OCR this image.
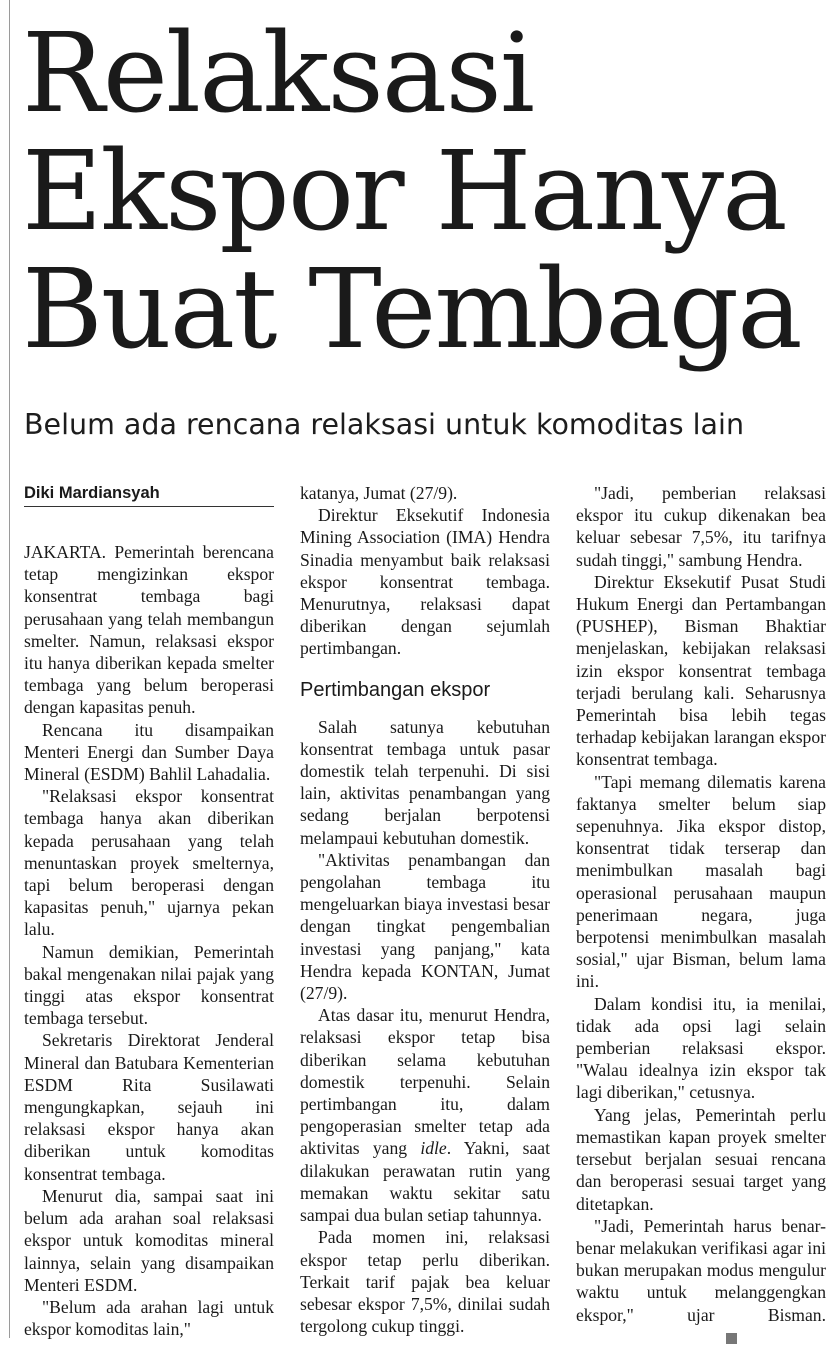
Relaksasi
Ekspor Hanya
Buat Tembaga
Belum ada rencana relaksasi untuk komoditas lain
Diki Mardiansyah

JAKARTA. Pemerintah berencana tetap mengizinkan ekspor konsentrat tembaga bagi perusahaan yang telah membangun smelter. Namun, relaksasi ekspor itu hanya diberikan kepada smelter tembaga yang belum beroperasi dengan kapasitas penuh.

Rencana itu disampaikan Menteri Energi dan Sumber Daya Mineral (ESDM) Bahlil Lahadalia.

"Relaksasi ekspor konsentrat tembaga hanya akan diberikan kepada perusahaan yang telah menuntaskan proyek smelternya, tapi belum beroperasi dengan kapasitas penuh," ujarnya pekan lalu.

Namun demikian, Pemerintah bakal mengenakan nilai pajak yang tinggi atas ekspor konsentrat tembaga tersebut.

Sekretaris Direktorat Jenderal Mineral dan Batubara Kementerian ESDM Rita Susilawati mengungkapkan, sejauh ini relaksasi ekspor hanya akan diberikan untuk komoditas konsentrat tembaga.

Menurut dia, sampai saat ini belum ada arahan soal relaksasi ekspor untuk komoditas mineral lainnya, selain yang disampaikan Menteri ESDM.

"Belum ada arahan lagi untuk ekspor komoditas lain,"

katanya, Jumat (27/9).

Direktur Eksekutif Indonesia Mining Association (IMA) Hendra Sinadia menyambut baik relaksasi ekspor konsentrat tembaga. Menurutnya, relaksasi dapat diberikan dengan sejumlah pertimbangan.

Pertimbangan ekspor

Salah satunya kebutuhan konsentrat tembaga untuk pasar domestik telah terpenuhi. Di sisi lain, aktivitas penambangan yang sedang berjalan berpotensi melampaui kebutuhan domestik.

"Aktivitas penambangan dan pengolahan tembaga itu mengeluarkan biaya investasi besar dengan tingkat pengembalian investasi yang panjang," kata Hendra kepada KONTAN, Jumat (27/9).

Atas dasar itu, menurut Hendra, relaksasi ekspor tetap bisa diberikan selama kebutuhan domestik terpenuhi. Selain pertimbangan itu, dalam pengoperasian smelter tetap ada aktivitas yang idle. Yakni, saat dilakukan perawatan rutin yang memakan waktu sekitar satu sampai dua bulan setiap tahunnya.

Pada momen ini, relaksasi ekspor tetap perlu diberikan. Terkait tarif pajak bea keluar sebesar ekspor 7,5%, dinilai sudah tergolong cukup tinggi.

"Jadi, pemberian relaksasi ekspor itu cukup dikenakan bea keluar sebesar 7,5%, itu tarifnya sudah tinggi," sambung Hendra.

Direktur Eksekutif Pusat Studi Hukum Energi dan Pertambangan (PUSHEP), Bisman Bhaktiar menjelaskan, kebijakan relaksasi izin ekspor konsentrat tembaga terjadi berulang kali. Seharusnya Pemerintah bisa lebih tegas terhadap kebijakan larangan ekspor konsentrat tembaga.

"Tapi memang dilematis karena faktanya smelter belum siap sepenuhnya. Jika ekspor distop, konsentrat tidak terserap dan menimbulkan masalah bagi operasional perusahaan maupun penerimaan negara, juga berpotensi menimbulkan masalah sosial," ujar Bisman, belum lama ini.

Dalam kondisi itu, ia menilai, tidak ada opsi lagi selain pemberian relaksasi ekspor. "Walau idealnya izin ekspor tak lagi diberikan," cetusnya.

Yang jelas, Pemerintah perlu memastikan kapan proyek smelter tersebut berjalan sesuai rencana dan beroperasi sesuai target yang ditetapkan.

"Jadi, Pemerintah harus benar-benar melakukan verifikasi agar ini bukan merupakan modus mengulur waktu untuk melanggengkan ekspor," ujar Bisman.
